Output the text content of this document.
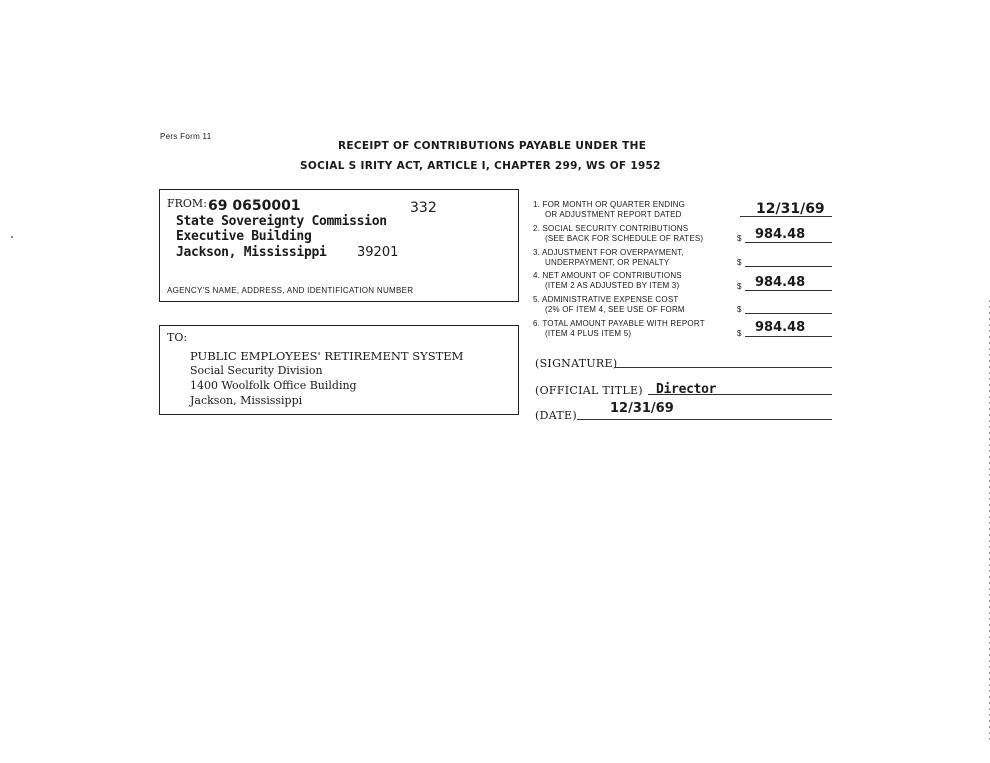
Pers Form 11
RECEIPT OF CONTRIBUTIONS PAYABLE UNDER THE
SOCIAL S IRITY ACT, ARTICLE I, CHAPTER 299, WS OF 1952
FROM: 69 0650001	332
State Sovereignty Commission
Executive Building
Jackson, Mississippi 39201
AGENCY'S NAME, ADDRESS, AND IDENTIFICATION NUMBER
TO:
PUBLIC EMPLOYEES' RETIREMENT SYSTEM
Social Security Division
1400 Woolfolk Office Building
Jackson, Mississippi
1. FOR MONTH OR QUARTER ENDING
OR ADJUSTMENT REPORT DATED	12/31/69
2. SOCIAL SECURITY CONTRIBUTIONS
(SEE BACK FOR SCHEDULE OF RATES)	$ 984.48
3. ADJUSTMENT FOR OVERPAYMENT,
UNDERPAYMENT, OR PENALTY	$
4. NET AMOUNT OF CONTRIBUTIONS
(ITEM 2 AS ADJUSTED BY ITEM 3)	$ 984.48
5. ADMINISTRATIVE EXPENSE COST
(2% OF ITEM 4, SEE USE OF FORM	$
6. TOTAL AMOUNT PAYABLE WITH REPORT
(ITEM 4 PLUS ITEM 5)	$ 984.48
(SIGNATURE)
(OFFICIAL TITLE) Director
12/31/69
(DATE)
